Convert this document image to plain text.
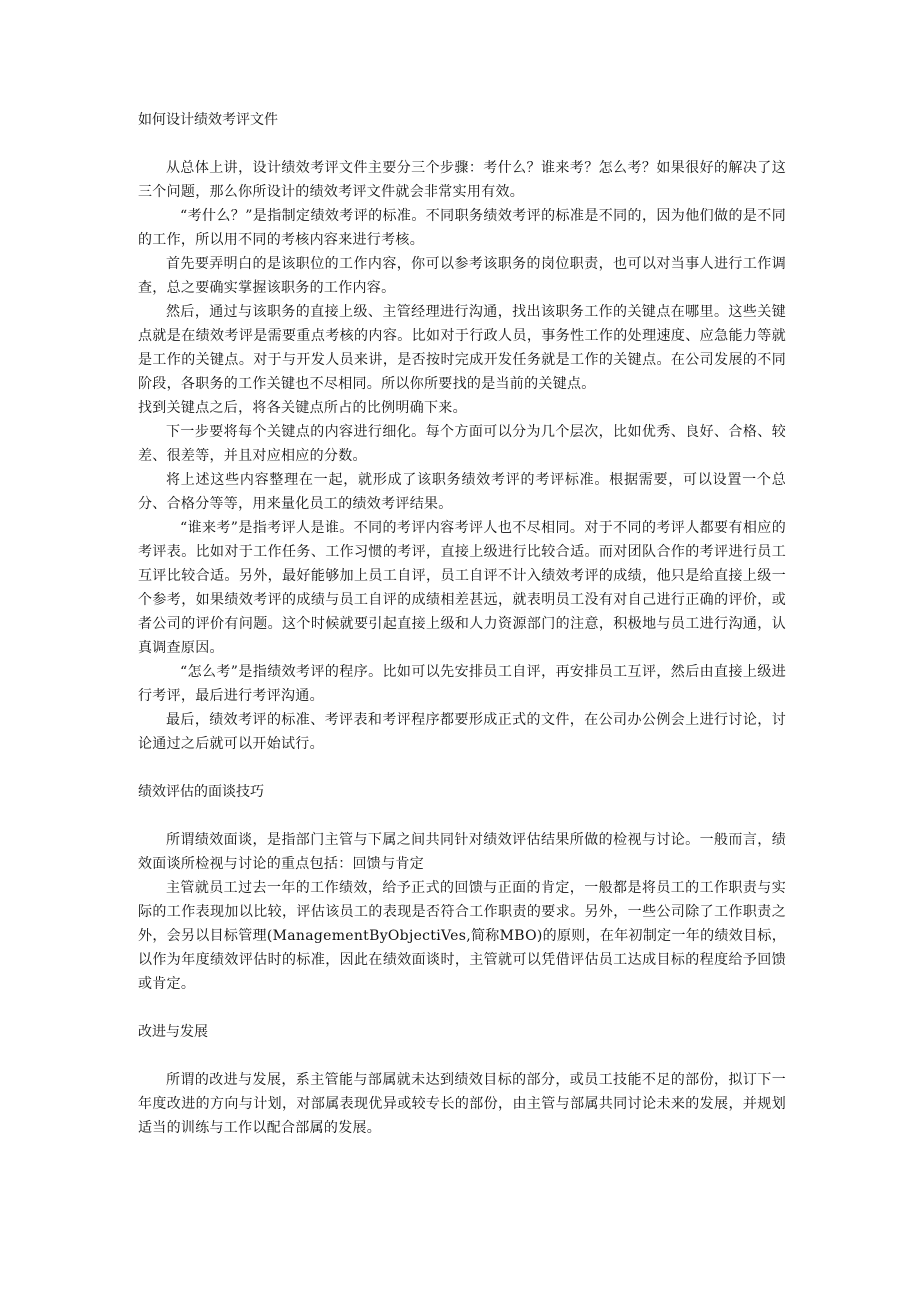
如何设计绩效考评文件

从总体上讲，设计绩效考评文件主要分三个步骤：考什么？谁来考？怎么考？如果很好的解决了这三个问题，那么你所设计的绩效考评文件就会非常实用有效。

“考什么？”是指制定绩效考评的标准。不同职务绩效考评的标准是不同的，因为他们做的是不同的工作，所以用不同的考核内容来进行考核。

首先要弄明白的是该职位的工作内容，你可以参考该职务的岗位职责，也可以对当事人进行工作调查，总之要确实掌握该职务的工作内容。

然后，通过与该职务的直接上级、主管经理进行沟通，找出该职务工作的关键点在哪里。这些关键点就是在绩效考评是需要重点考核的内容。比如对于行政人员，事务性工作的处理速度、应急能力等就是工作的关键点。对于与开发人员来讲，是否按时完成开发任务就是工作的关键点。在公司发展的不同阶段，各职务的工作关键也不尽相同。所以你所要找的是当前的关键点。

找到关键点之后，将各关键点所占的比例明确下来。

下一步要将每个关键点的内容进行细化。每个方面可以分为几个层次，比如优秀、良好、合格、较差、很差等，并且对应相应的分数。

将上述这些内容整理在一起，就形成了该职务绩效考评的考评标准。根据需要，可以设置一个总分、合格分等等，用来量化员工的绩效考评结果。

“谁来考”是指考评人是谁。不同的考评内容考评人也不尽相同。对于不同的考评人都要有相应的考评表。比如对于工作任务、工作习惯的考评，直接上级进行比较合适。而对团队合作的考评进行员工互评比较合适。另外，最好能够加上员工自评，员工自评不计入绩效考评的成绩，他只是给直接上级一个参考，如果绩效考评的成绩与员工自评的成绩相差甚远，就表明员工没有对自己进行正确的评价，或者公司的评价有问题。这个时候就要引起直接上级和人力资源部门的注意，积极地与员工进行沟通，认真调查原因。

“怎么考”是指绩效考评的程序。比如可以先安排员工自评，再安排员工互评，然后由直接上级进行考评，最后进行考评沟通。

最后，绩效考评的标准、考评表和考评程序都要形成正式的文件，在公司办公例会上进行讨论，讨论通过之后就可以开始试行。

绩效评估的面谈技巧

所谓绩效面谈，是指部门主管与下属之间共同针对绩效评估结果所做的检视与讨论。一般而言，绩效面谈所检视与讨论的重点包括：回馈与肯定

主管就员工过去一年的工作绩效，给予正式的回馈与正面的肯定，一般都是将员工的工作职责与实际的工作表现加以比较，评估该员工的表现是否符合工作职责的要求。另外，一些公司除了工作职责之外，会另以目标管理(ManagementByObjectiVes,简称MBO)的原则，在年初制定一年的绩效目标，以作为年度绩效评估时的标准，因此在绩效面谈时，主管就可以凭借评估员工达成目标的程度给予回馈或肯定。

改进与发展

所谓的改进与发展，系主管能与部属就未达到绩效目标的部分，或员工技能不足的部份，拟订下一年度改进的方向与计划，对部属表现优异或较专长的部份，由主管与部属共同讨论未来的发展，并规划适当的训练与工作以配合部属的发展。
